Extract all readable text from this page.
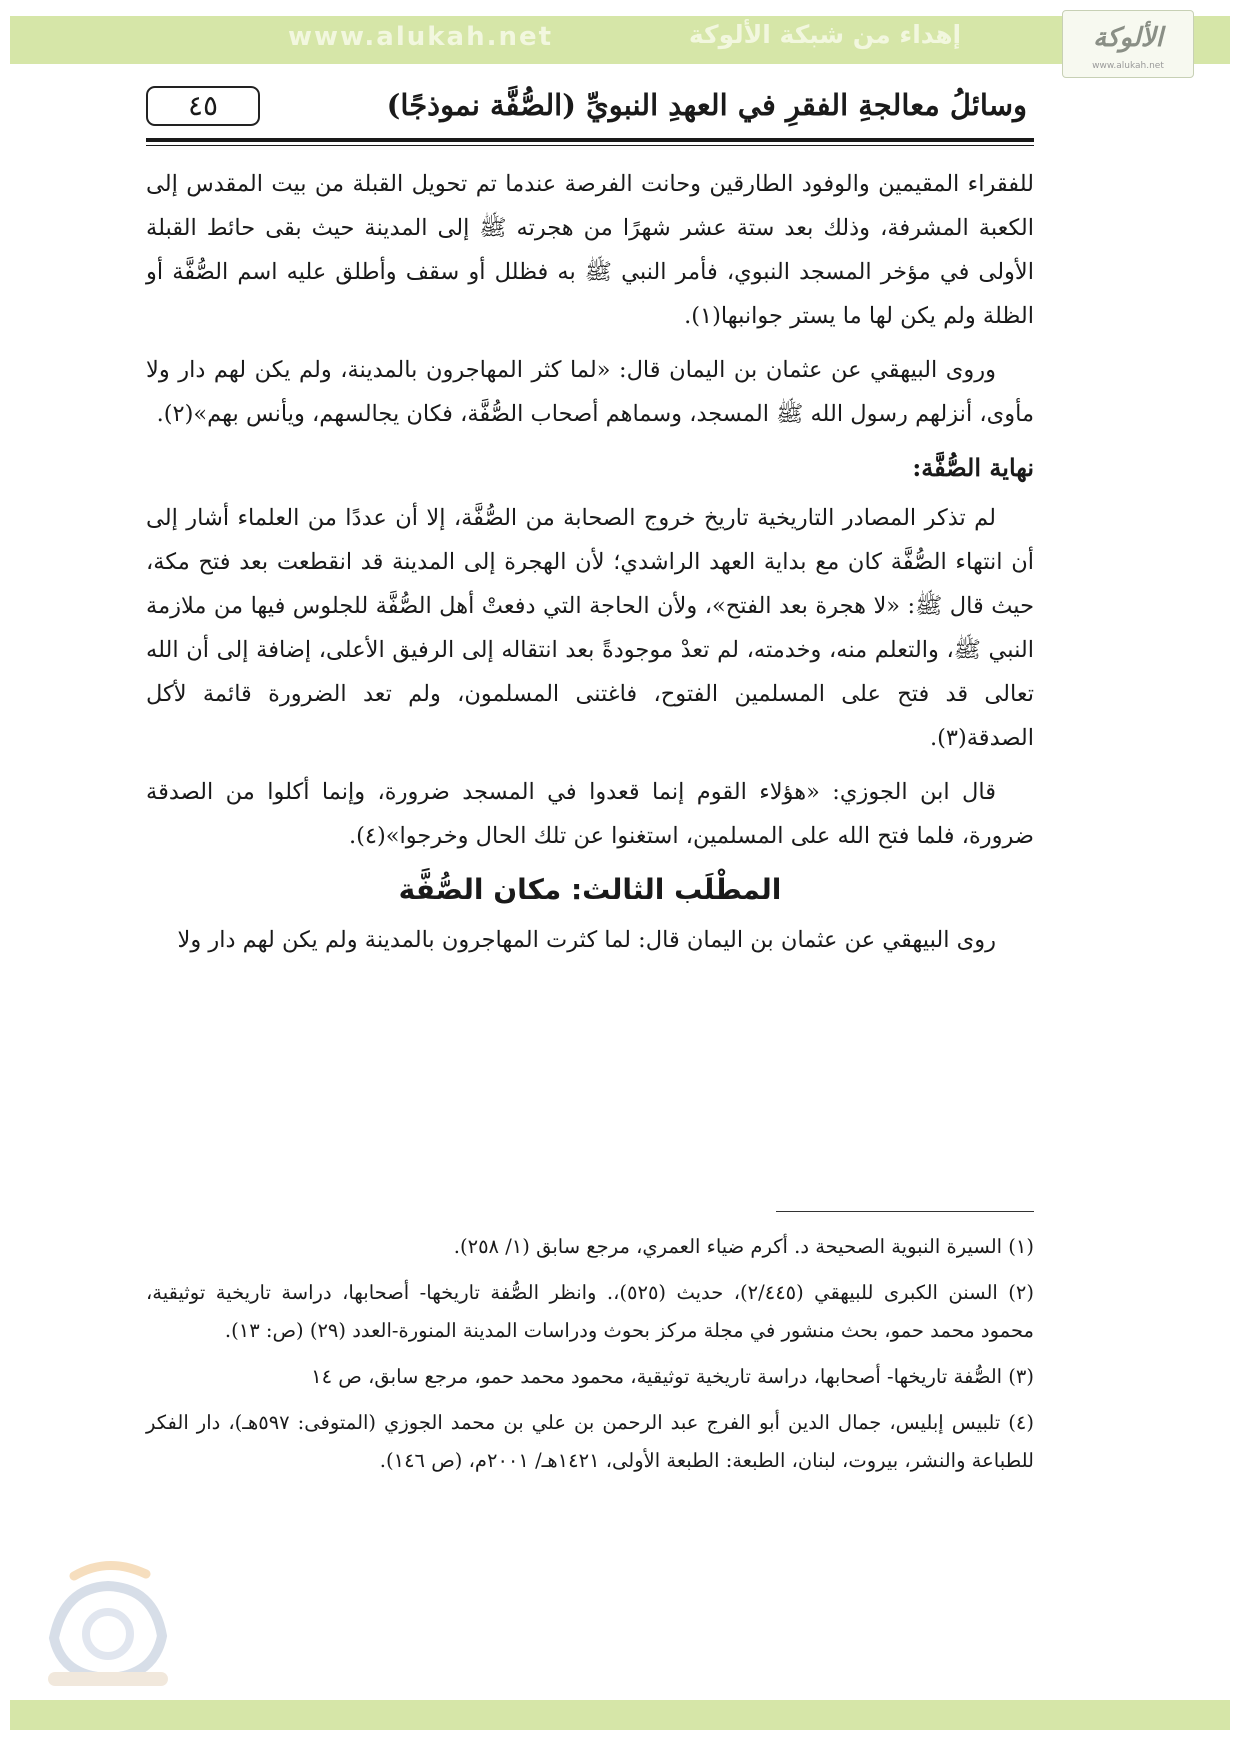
www.alukah.net	إهداء من شبكة الألوكة	الألوكة
www.alukah.net
٤٥	وسائلُ معالجةِ الفقرِ في العهدِ النبويِّ (الصُّفَّة نموذجًا)

للفقراء المقيمين والوفود الطارقين وحانت الفرصة عندما تم تحويل القبلة من بيت المقدس إلى الكعبة المشرفة، وذلك بعد ستة عشر شهرًا من هجرته ﷺ إلى المدينة حيث بقى حائط القبلة الأولى في مؤخر المسجد النبوي، فأمر النبي ﷺ به فظلل أو سقف وأطلق عليه اسم الصُّفَّة أو الظلة ولم يكن لها ما يستر جوانبها(١).

وروى البيهقي عن عثمان بن اليمان قال: «لما كثر المهاجرون بالمدينة، ولم يكن لهم دار ولا مأوى، أنزلهم رسول الله ﷺ المسجد، وسماهم أصحاب الصُّفَّة، فكان يجالسهم، ويأنس بهم»(٢).

نهاية الصُّفَّة:

لم تذكر المصادر التاريخية تاريخ خروج الصحابة من الصُّفَّة، إلا أن عددًا من العلماء أشار إلى أن انتهاء الصُّفَّة كان مع بداية العهد الراشدي؛ لأن الهجرة إلى المدينة قد انقطعت بعد فتح مكة، حيث قال ﷺ: «لا هجرة بعد الفتح»، ولأن الحاجة التي دفعتْ أهل الصُّفَّة للجلوس فيها من ملازمة النبي ﷺ، والتعلم منه، وخدمته، لم تعدْ موجودةً بعد انتقاله إلى الرفيق الأعلى، إضافة إلى أن الله تعالى قد فتح على المسلمين الفتوح، فاغتنى المسلمون، ولم تعد الضرورة قائمة لأكل الصدقة(٣).

قال ابن الجوزي: «هؤلاء القوم إنما قعدوا في المسجد ضرورة، وإنما أكلوا من الصدقة ضرورة، فلما فتح الله على المسلمين، استغنوا عن تلك الحال وخرجوا»(٤).

المطْلَب الثالث: مكان الصُّفَّة

روى البيهقي عن عثمان بن اليمان قال: لما كثرت المهاجرون بالمدينة ولم يكن لهم دار ولا

(١) السيرة النبوية الصحيحة د. أكرم ضياء العمري، مرجع سابق (١/ ٢٥٨).

(٢) السنن الكبرى للبيهقي (٢/٤٤٥)، حديث (٥٢٥)،. وانظر الصُّفة تاريخها- أصحابها، دراسة تاريخية توثيقية، محمود محمد حمو، بحث منشور في مجلة مركز بحوث ودراسات المدينة المنورة-العدد (٢٩) (ص: ١٣).

(٣) الصُّفة تاريخها- أصحابها، دراسة تاريخية توثيقية، محمود محمد حمو، مرجع سابق، ص ١٤

(٤) تلبيس إبليس، جمال الدين أبو الفرج عبد الرحمن بن علي بن محمد الجوزي (المتوفى: ٥٩٧هـ)، دار الفكر للطباعة والنشر، بيروت، لبنان، الطبعة: الطبعة الأولى، ١٤٢١هـ/ ٢٠٠١م، (ص ١٤٦).
